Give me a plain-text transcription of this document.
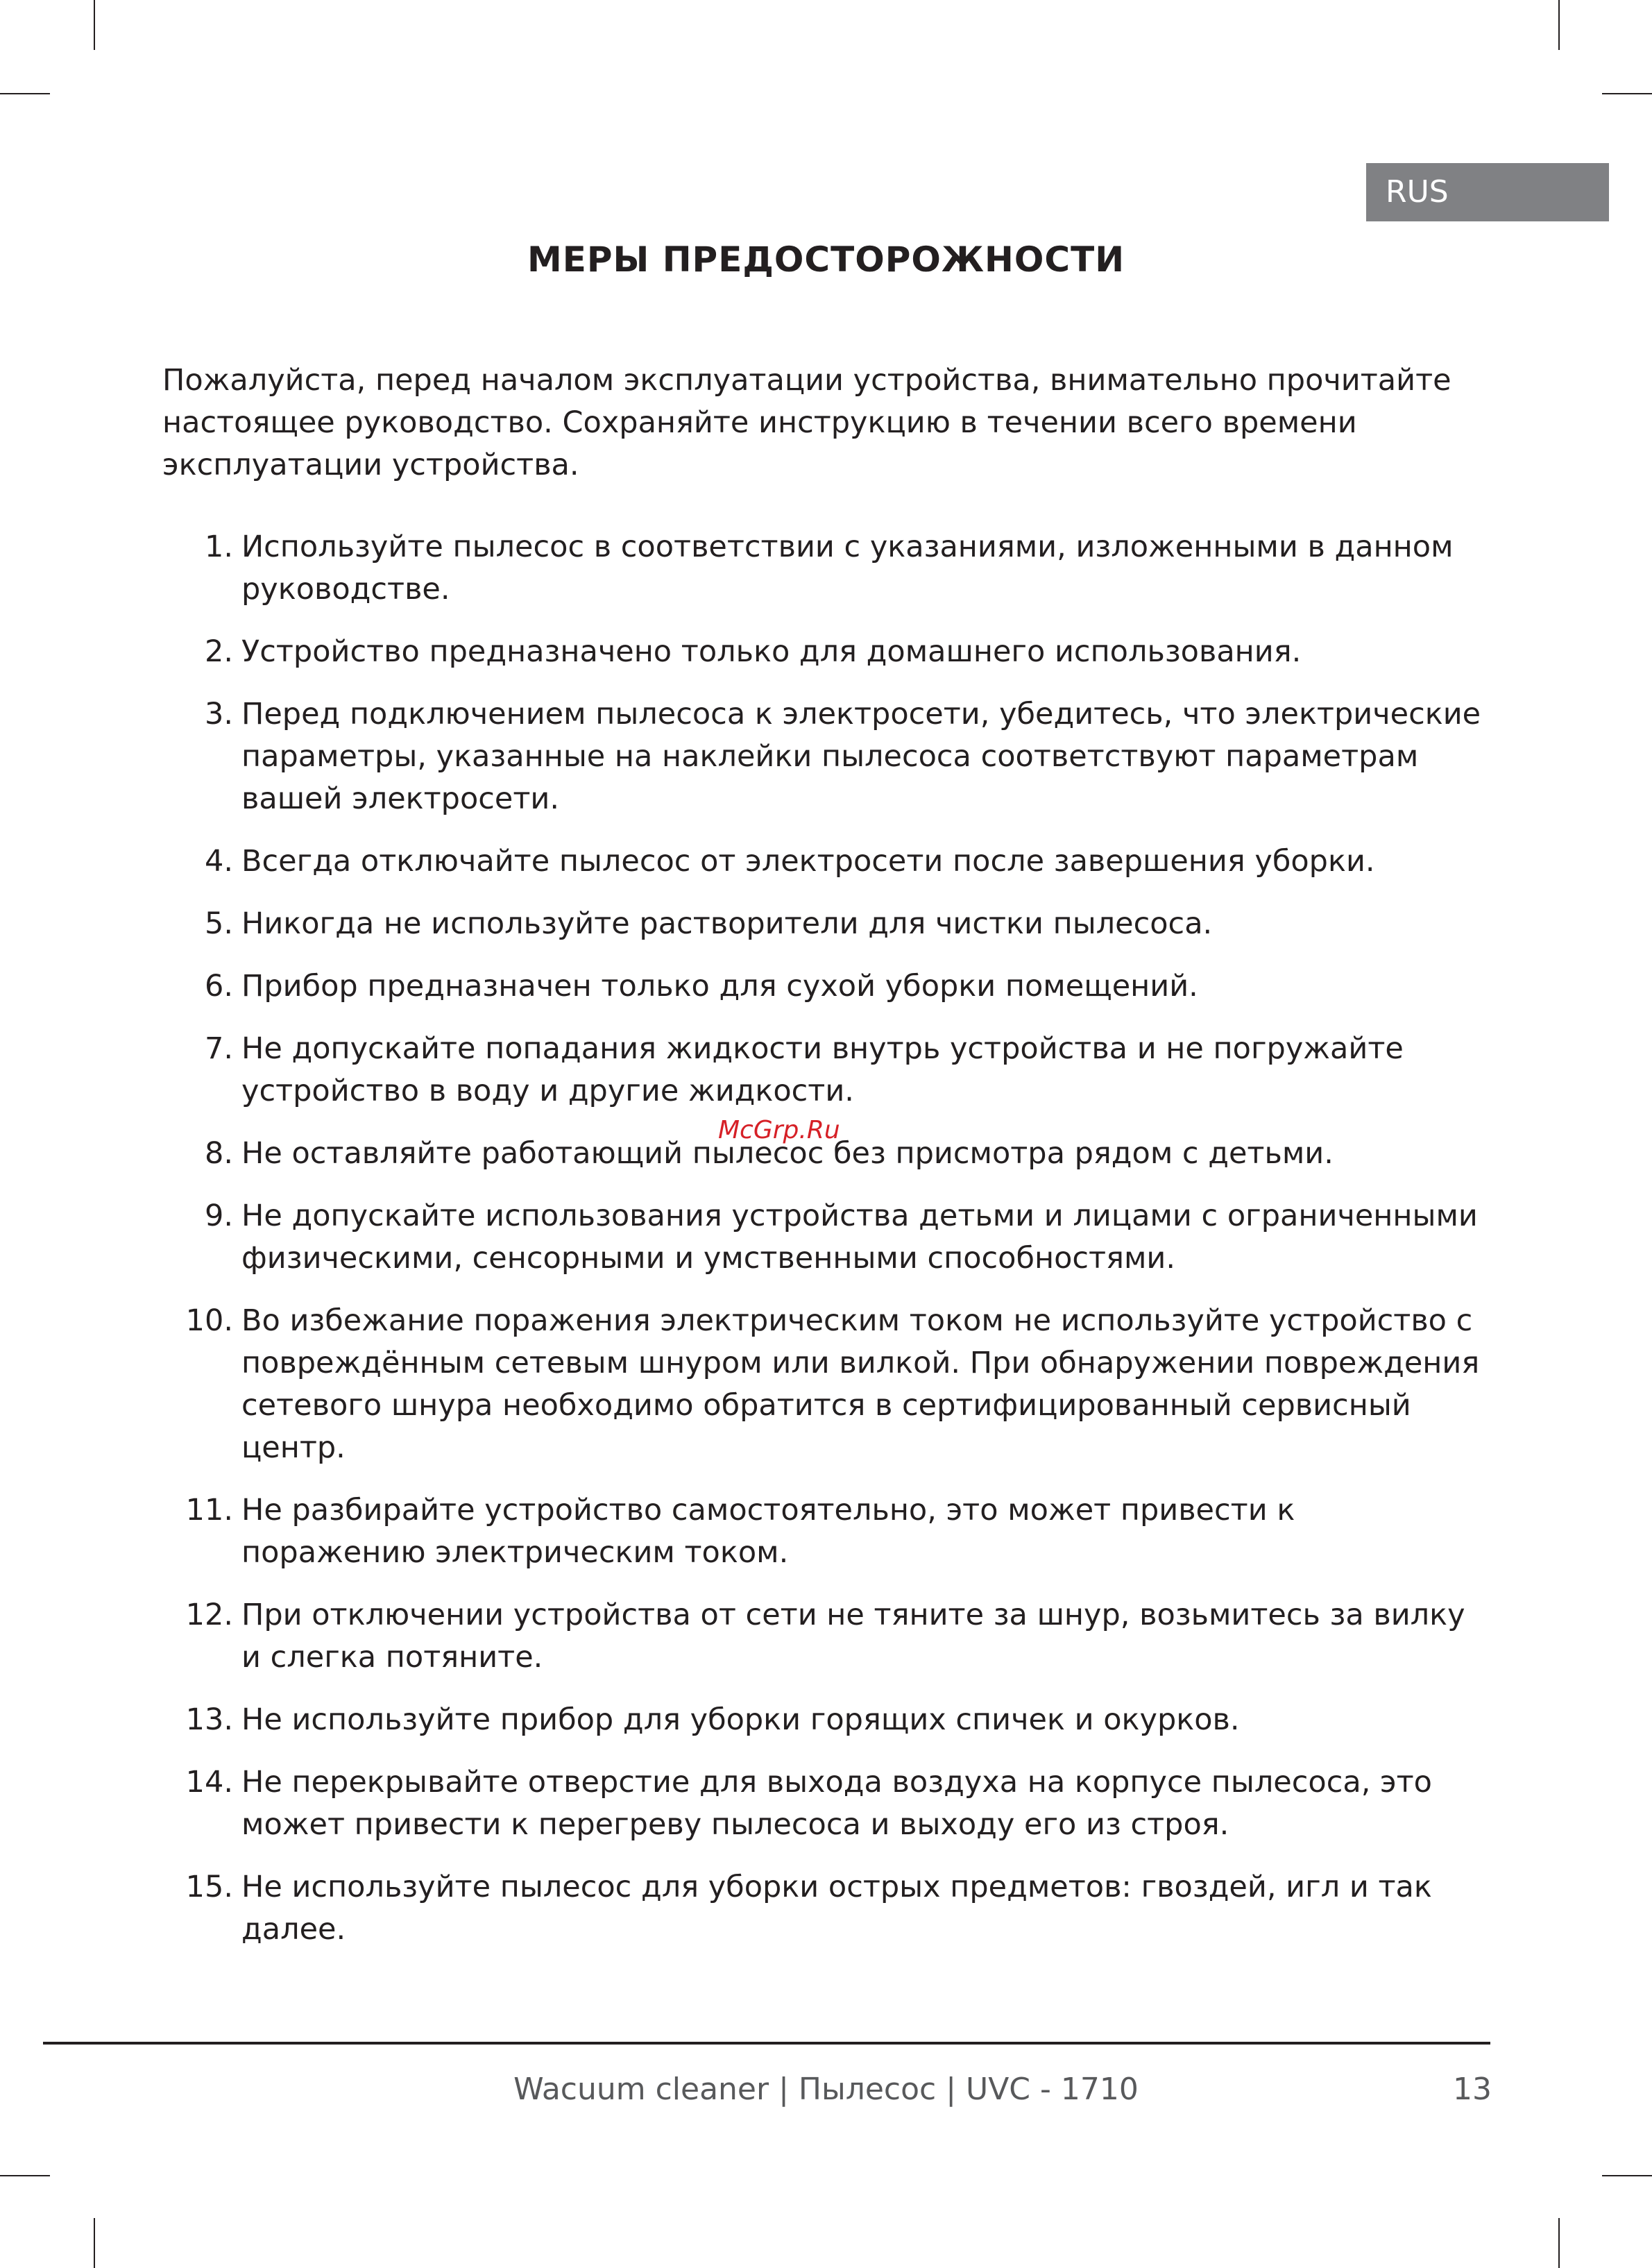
RUS
МЕРЫ ПРЕДОСТОРОЖНОСТИ

Пожалуйста, перед началом эксплуатации устройства, внимательно прочитайте настоящее руководство. Сохраняйте инструкцию в течении всего времени эксплуатации устройства.

1. Используйте пылесос в соответствии с указаниями, изложенными в данном руководстве.
2. Устройство предназначено только для домашнего использования.
3. Перед подключением пылесоса к электросети, убедитесь, что электрические параметры, указанные на наклейки пылесоса соответствуют параметрам вашей электросети.
4. Всегда отключайте пылесос от электросети после завершения уборки.
5. Никогда не используйте растворители для чистки пылесоса.
6. Прибор предназначен только для сухой уборки помещений.
7. Не допускайте попадания жидкости внутрь устройства и не погружайте устройство в воду и другие жидкости.
8. Не оставляйте работающий пылесос без присмотра рядом с детьми.
9. Не допускайте использования устройства детьми и лицами с ограниченными физическими, сенсорными и умственными способностями.
10. Во избежание поражения электрическим током не используйте устройство с повреждённым сетевым шнуром или вилкой. При обнаружении повреждения сетевого шнура необходимо обратится в сертифицированный сервисный центр.
11. Не разбирайте устройство самостоятельно, это может привести к поражению электрическим током.
12. При отключении устройства от сети не тяните за шнур, возьмитесь за вилку и слегка потяните.
13. Не используйте прибор для уборки горящих спичек и окурков.
14. Не перекрывайте отверстие для выхода воздуха на корпусе пылесоса, это может привести к перегреву пылесоса и выходу его из строя.
15. Не используйте пылесос для уборки острых предметов: гвоздей, игл и так далее.
McGrp.Ru
Wacuum cleaner | Пылесос | UVC - 1710	13
